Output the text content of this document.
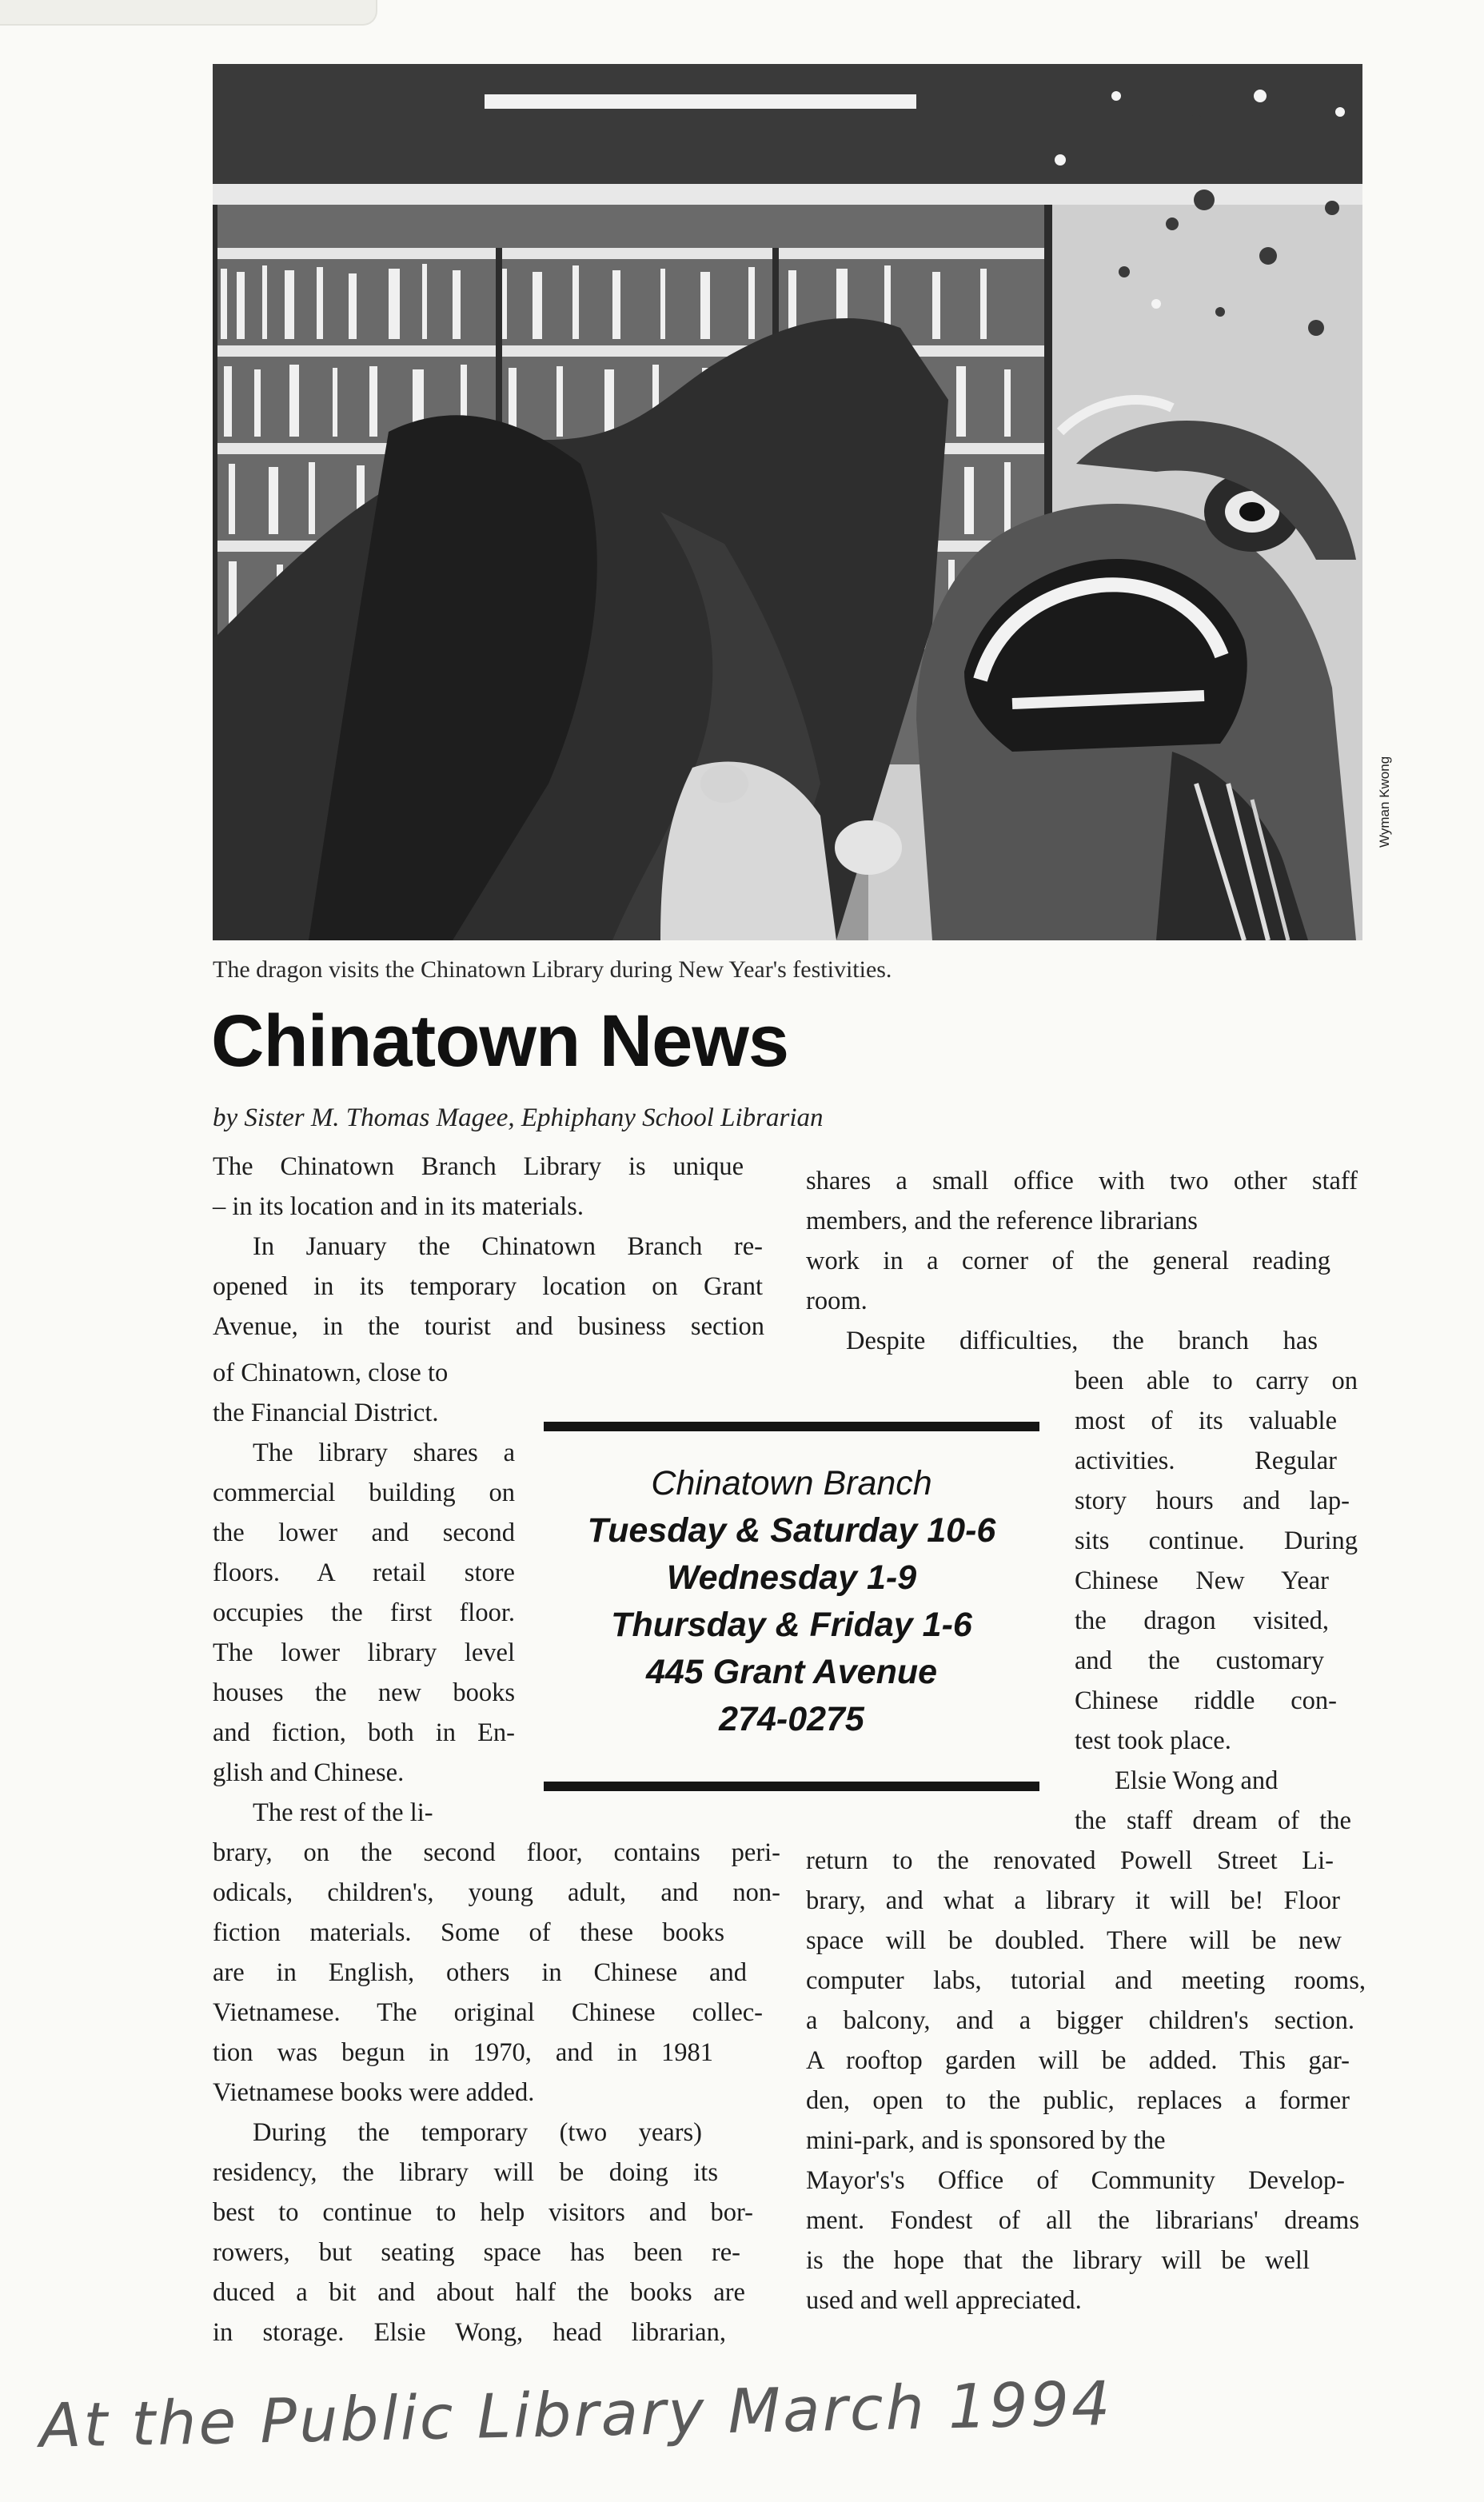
Wyman Kwong
The dragon visits the Chinatown Library during New Year's festivities.
Chinatown News
by Sister M. Thomas Magee, Ephiphany School Librarian
The Chinatown Branch Library is unique
– in its location and in its materials.
In January the Chinatown Branch re-
opened in its temporary location on Grant
Avenue, in the tourist and business section
of Chinatown, close to
the Financial District.
The library shares a
commercial building on
the lower and second
floors. A retail store
occupies the first floor.
The lower library level
houses the new books
and fiction, both in En-
glish and Chinese.
The rest of the li-
brary, on the second floor, contains peri-
odicals, children's, young adult, and non-
fiction materials. Some of these books
are in English, others in Chinese and
Vietnamese. The original Chinese collec-
tion was begun in 1970, and in 1981
Vietnamese books were added.
During the temporary (two years)
residency, the library will be doing its
best to continue to help visitors and bor-
rowers, but seating space has been re-
duced a bit and about half the books are
in storage. Elsie Wong, head librarian,
shares a small office with two other staff
members, and the reference librarians
work in a corner of the general reading
room.
Despite difficulties, the branch has
been able to carry on
most of its valuable
activities. Regular
story hours and lap-
sits continue. During
Chinese New Year
the dragon visited,
and the customary
Chinese riddle con-
test took place.
Elsie Wong and
the staff dream of the
return to the renovated Powell Street Li-
brary, and what a library it will be! Floor
space will be doubled. There will be new
computer labs, tutorial and meeting rooms,
a balcony, and a bigger children's section.
A rooftop garden will be added. This gar-
den, open to the public, replaces a former
mini-park, and is sponsored by the
Mayor's's Office of Community Develop-
ment. Fondest of all the librarians' dreams
is the hope that the library will be well
used and well appreciated.
Chinatown Branch
Tuesday & Saturday 10-6
Wednesday 1-9
Thursday & Friday 1-6
445 Grant Avenue
274-0275
At the Public Library March 1994
